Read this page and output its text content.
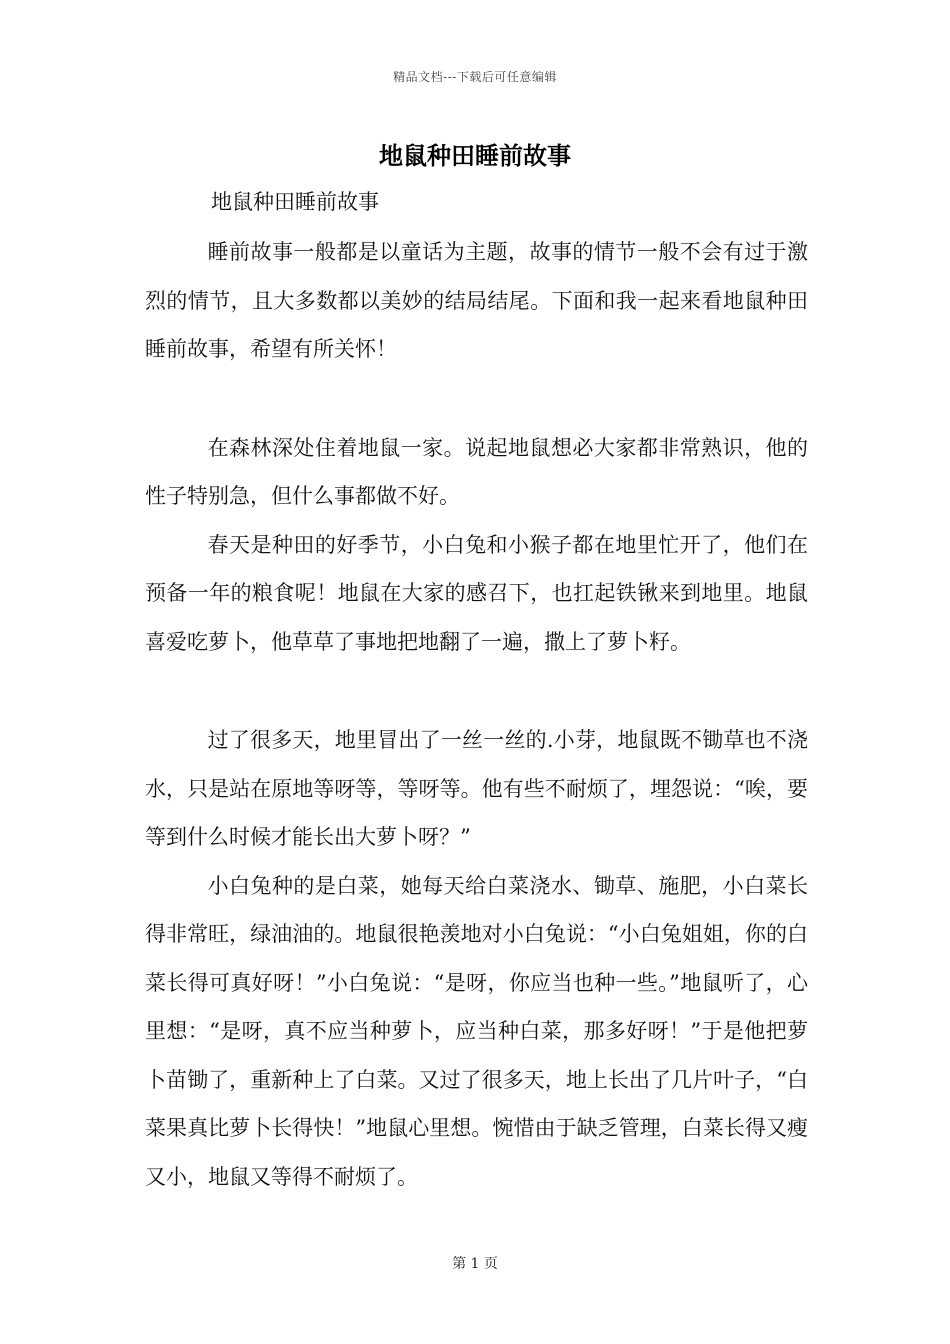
精品文档---下载后可任意编辑
地鼠种田睡前故事
地鼠种田睡前故事

睡前故事一般都是以童话为主题，故事的情节一般不会有过于激烈的情节，且大多数都以美妙的结局结尾。下面和我一起来看地鼠种田睡前故事，希望有所关怀！

在森林深处住着地鼠一家。说起地鼠想必大家都非常熟识，他的性子特别急，但什么事都做不好。

春天是种田的好季节，小白兔和小猴子都在地里忙开了，他们在预备一年的粮食呢！地鼠在大家的感召下，也扛起铁锹来到地里。地鼠喜爱吃萝卜，他草草了事地把地翻了一遍，撒上了萝卜籽。

过了很多天，地里冒出了一丝一丝的.小芽，地鼠既不锄草也不浇水，只是站在原地等呀等，等呀等。他有些不耐烦了，埋怨说：“唉，要等到什么时候才能长出大萝卜呀？”

小白兔种的是白菜，她每天给白菜浇水、锄草、施肥，小白菜长得非常旺，绿油油的。地鼠很艳羡地对小白兔说：“小白兔姐姐，你的白菜长得可真好呀！”小白兔说：“是呀，你应当也种一些。”地鼠听了，心里想：“是呀，真不应当种萝卜，应当种白菜，那多好呀！”于是他把萝卜苗锄了，重新种上了白菜。又过了很多天，地上长出了几片叶子，“白菜果真比萝卜长得快！”地鼠心里想。惋惜由于缺乏管理，白菜长得又瘦又小，地鼠又等得不耐烦了。

第 1 页
